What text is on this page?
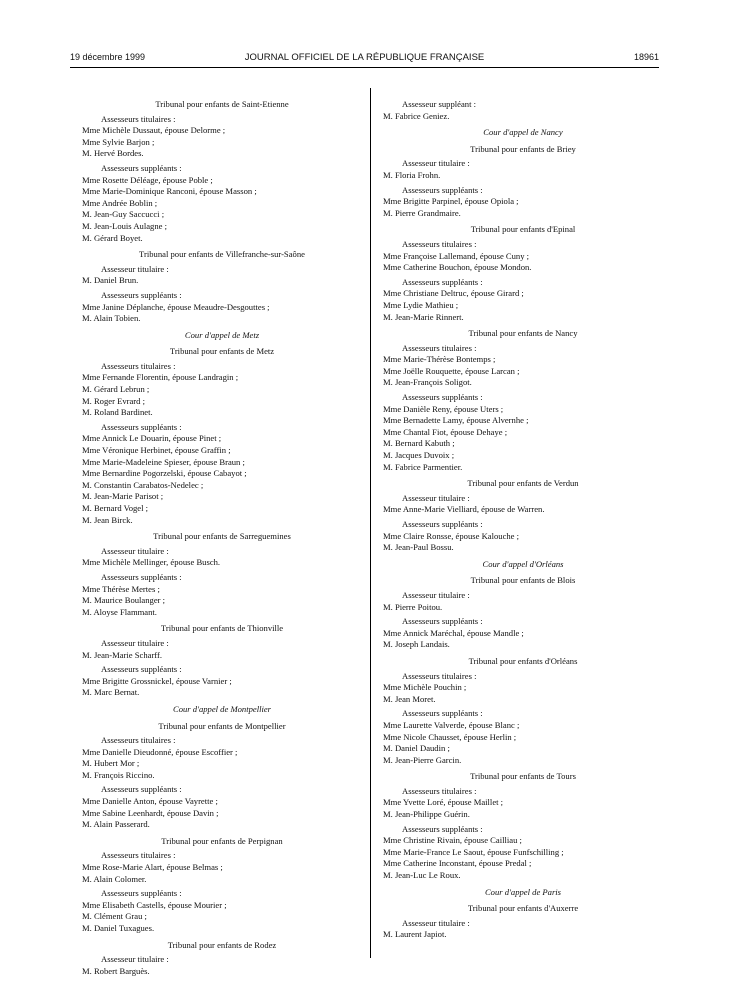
19 décembre 1999	JOURNAL OFFICIEL DE LA RÉPUBLIQUE FRANÇAISE	18961
Tribunal pour enfants de Saint-Etienne
Assesseurs titulaires :
Mme Michèle Dussaut, épouse Delorme ;
Mme Sylvie Barjon ;
M. Hervé Bordes.
Assesseurs suppléants :
Mme Rosette Déléage, épouse Poble ;
Mme Marie-Dominique Ranconi, épouse Masson ;
Mme Andrée Boblin ;
M. Jean-Guy Saccucci ;
M. Jean-Louis Aulagne ;
M. Gérard Boyet.
Tribunal pour enfants de Villefranche-sur-Saône
Assesseur titulaire :
M. Daniel Brun.
Assesseurs suppléants :
Mme Janine Déplanche, épouse Meaudre-Desgouttes ;
M. Alain Tobien.
Cour d'appel de Metz
Tribunal pour enfants de Metz
Assesseurs titulaires :
Mme Fernande Florentin, épouse Landragin ;
M. Gérard Lebrun ;
M. Roger Evrard ;
M. Roland Bardinet.
Assesseurs suppléants :
Mme Annick Le Douarin, épouse Pinet ;
Mme Véronique Herbinet, épouse Graffin ;
Mme Marie-Madeleine Spieser, épouse Braun ;
Mme Bernardine Pogorzelski, épouse Cabayot ;
M. Constantin Carabatos-Nedelec ;
M. Jean-Marie Parisot ;
M. Bernard Vogel ;
M. Jean Birck.
Tribunal pour enfants de Sarreguemines
Assesseur titulaire :
Mme Michèle Mellinger, épouse Busch.
Assesseurs suppléants :
Mme Thérèse Mertes ;
M. Maurice Boulanger ;
M. Aloyse Flammant.
Tribunal pour enfants de Thionville
Assesseur titulaire :
M. Jean-Marie Scharff.
Assesseurs suppléants :
Mme Brigitte Grossnickel, épouse Varnier ;
M. Marc Bernat.
Cour d'appel de Montpellier
Tribunal pour enfants de Montpellier
Assesseurs titulaires :
Mme Danielle Dieudonné, épouse Escoffier ;
M. Hubert Mor ;
M. François Riccino.
Assesseurs suppléants :
Mme Danielle Anton, épouse Vayrette ;
Mme Sabine Leenhardt, épouse Davin ;
M. Alain Passerard.
Tribunal pour enfants de Perpignan
Assesseurs titulaires :
Mme Rose-Marie Alart, épouse Belmas ;
M. Alain Colomer.
Assesseurs suppléants :
Mme Elisabeth Castells, épouse Mourier ;
M. Clément Grau ;
M. Daniel Tuxagues.
Tribunal pour enfants de Rodez
Assesseur titulaire :
M. Robert Barguès.
Assesseur suppléant :
M. Fabrice Geniez.
Cour d'appel de Nancy
Tribunal pour enfants de Briey
Assesseur titulaire :
M. Floria Frohn.
Assesseurs suppléants :
Mme Brigitte Parpinel, épouse Opiola ;
M. Pierre Grandmaire.
Tribunal pour enfants d'Epinal
Assesseurs titulaires :
Mme Françoise Lallemand, épouse Cuny ;
Mme Catherine Bouchon, épouse Mondon.
Assesseurs suppléants :
Mme Christiane Deltruc, épouse Girard ;
Mme Lydie Mathieu ;
M. Jean-Marie Rinnert.
Tribunal pour enfants de Nancy
Assesseurs titulaires :
Mme Marie-Thérèse Bontemps ;
Mme Joëlle Rouquette, épouse Larcan ;
M. Jean-François Soligot.
Assesseurs suppléants :
Mme Danièle Reny, épouse Uters ;
Mme Bernadette Lamy, épouse Alvernhe ;
Mme Chantal Fiot, épouse Dehaye ;
M. Bernard Kabuth ;
M. Jacques Duvoix ;
M. Fabrice Parmentier.
Tribunal pour enfants de Verdun
Assesseur titulaire :
Mme Anne-Marie Vielliard, épouse de Warren.
Assesseurs suppléants :
Mme Claire Ronsse, épouse Kalouche ;
M. Jean-Paul Bossu.
Cour d'appel d'Orléans
Tribunal pour enfants de Blois
Assesseur titulaire :
M. Pierre Poitou.
Assesseurs suppléants :
Mme Annick Maréchal, épouse Mandle ;
M. Joseph Landais.
Tribunal pour enfants d'Orléans
Assesseurs titulaires :
Mme Michèle Pouchin ;
M. Jean Moret.
Assesseurs suppléants :
Mme Laurette Valverde, épouse Blanc ;
Mme Nicole Chausset, épouse Herlin ;
M. Daniel Daudin ;
M. Jean-Pierre Garcin.
Tribunal pour enfants de Tours
Assesseurs titulaires :
Mme Yvette Loré, épouse Maillet ;
M. Jean-Philippe Guérin.
Assesseurs suppléants :
Mme Christine Rivain, épouse Cailliau ;
Mme Marie-France Le Saout, épouse Funfschilling ;
Mme Catherine Inconstant, épouse Predal ;
M. Jean-Luc Le Roux.
Cour d'appel de Paris
Tribunal pour enfants d'Auxerre
Assesseur titulaire :
M. Laurent Japiot.
